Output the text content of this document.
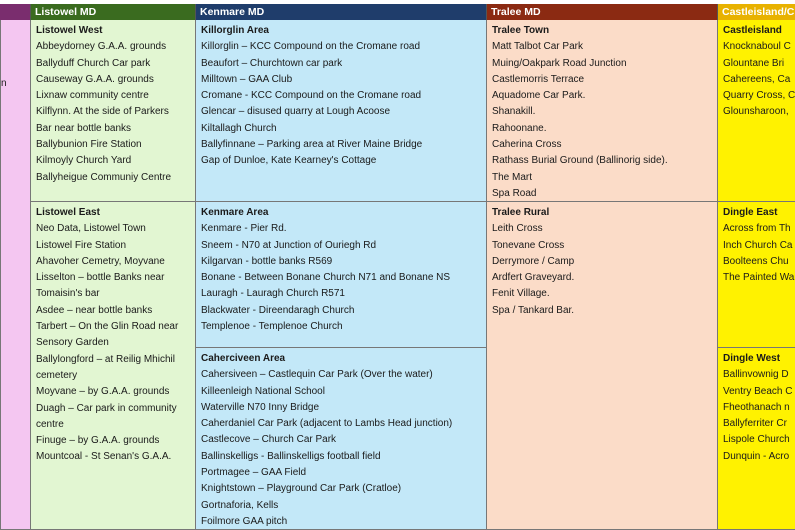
n
Listowel MD
Listowel West
Abbeydorney G.A.A. grounds
Ballyduff Church Car park
Causeway G.A.A. grounds
Lixnaw community centre
Kilflynn. At the side of Parkers
Bar near bottle banks
Ballybunion Fire Station
Kilmoyly Church Yard
Ballyheigue Communiy Centre
Listowel East
Neo Data, Listowel Town
Listowel Fire Station
Ahavoher Cemetry, Moyvane
Lisselton – bottle Banks near Tomaisin's bar
Asdee – near bottle banks
Tarbert – On the Glin Road near Sensory Garden
Ballylongford – at Reilig Mhichil cemetery
Moyvane – by G.A.A. grounds
Duagh – Car park in community centre
Finuge – by G.A.A. grounds
Mountcoal - St Senan's G.A.A.
Kenmare MD
Killorglin Area
Killorglin – KCC Compound on the Cromane road
Beaufort – Churchtown car park
Milltown – GAA Club
Cromane - KCC Compound on the Cromane road
Glencar – disused quarry at Lough Acoose
Kiltallagh Church
Ballyfinnane – Parking area at River Maine Bridge
Gap of Dunloe, Kate Kearney's Cottage
Kenmare Area
Kenmare - Pier Rd.
Sneem - N70 at Junction of Ouriegh Rd
Kilgarvan - bottle banks R569
Bonane - Between Bonane Church N71 and Bonane NS
Lauragh - Lauragh Church R571
Blackwater - Direendaragh Church
Templenoe - Templenoe Church
Caherciveen Area
Cahersiveen – Castlequin Car Park (Over the water)
Killeenleigh National School
Waterville N70 Inny Bridge
Caherdaniel Car Park (adjacent to Lambs Head junction)
Castlecove – Church Car Park
Ballinskelligs - Ballinskelligs football field
Portmagee – GAA Field
Knightstown – Playground Car Park (Cratloe)
Gortnaforia, Kells
Foilmore GAA pitch
Tralee MD
Tralee Town
Matt Talbot Car Park
Muing/Oakpark Road Junction
Castlemorris Terrace
Aquadome Car Park.
Shanakill.
Rahoonane.
Caherina Cross
Rathass Burial Ground (Ballinorig side).
The Mart
Spa Road
Tralee Rural
Leith Cross
Tonevane Cross
Derrymore / Camp
Ardfert Graveyard.
Fenit Village.
Spa / Tankard Bar.
Castleisland/C
Castleisland
Knocknaboul C
Glountane Bri
Cahereens, Ca
Quarry Cross, C
Glounsharoon,
Dingle East
Across from Th
Inch Church Ca
Boolteens Chu
The Painted Wa
Dingle West
Ballinvownig D
Ventry Beach C
Fheothanach n
Ballyferriter Cr
Lispole Church
Dunquin - Acro
